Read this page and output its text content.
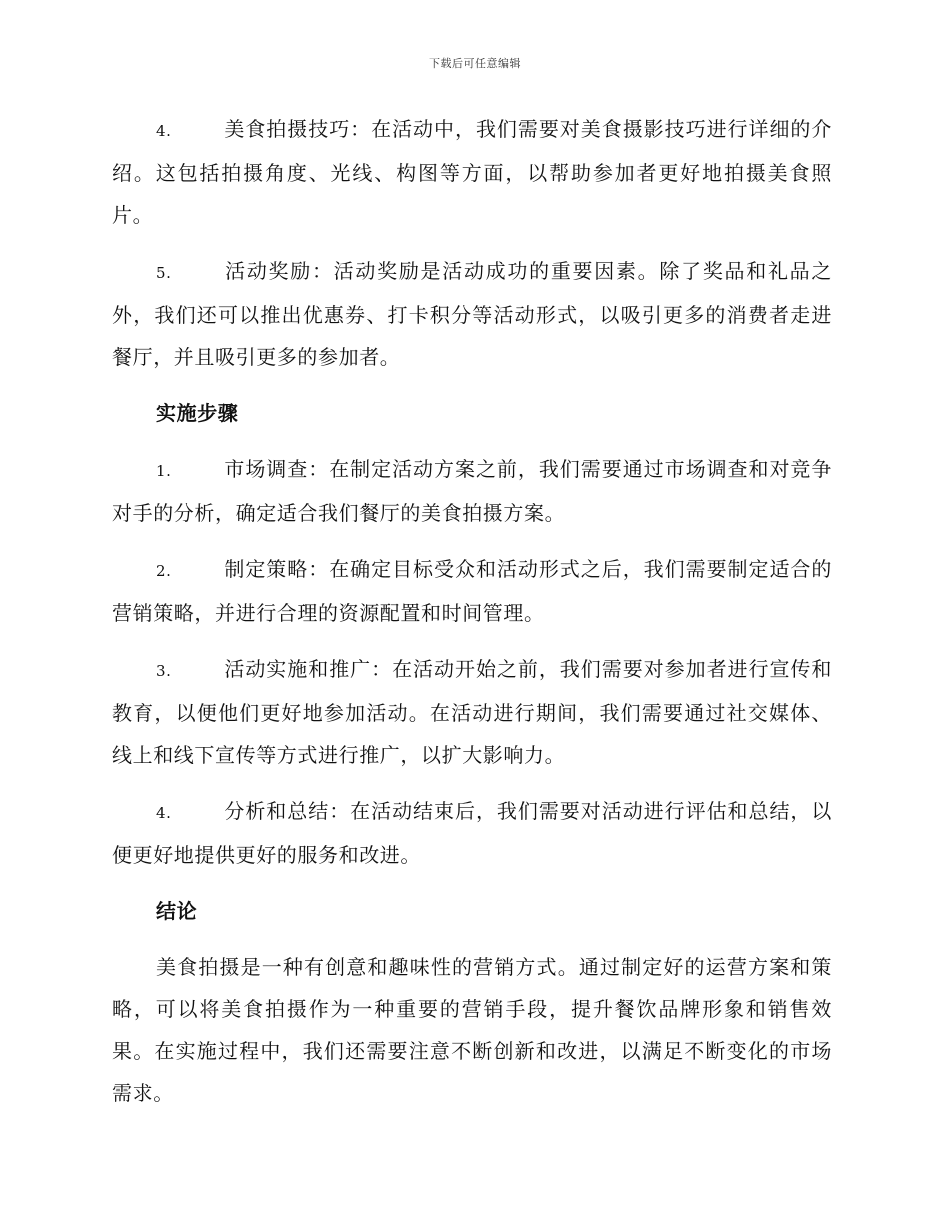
下载后可任意编辑

4.	美食拍摄技巧：在活动中，我们需要对美食摄影技巧进行详细的介绍。这包括拍摄角度、光线、构图等方面，以帮助参加者更好地拍摄美食照片。

5.	活动奖励：活动奖励是活动成功的重要因素。除了奖品和礼品之外，我们还可以推出优惠券、打卡积分等活动形式，以吸引更多的消费者走进餐厅，并且吸引更多的参加者。

实施步骤

1.	市场调查：在制定活动方案之前，我们需要通过市场调查和对竞争对手的分析，确定适合我们餐厅的美食拍摄方案。

2.	制定策略：在确定目标受众和活动形式之后，我们需要制定适合的营销策略，并进行合理的资源配置和时间管理。

3.	活动实施和推广：在活动开始之前，我们需要对参加者进行宣传和教育，以便他们更好地参加活动。在活动进行期间，我们需要通过社交媒体、线上和线下宣传等方式进行推广，以扩大影响力。

4.	分析和总结：在活动结束后，我们需要对活动进行评估和总结，以便更好地提供更好的服务和改进。

结论

美食拍摄是一种有创意和趣味性的营销方式。通过制定好的运营方案和策略，可以将美食拍摄作为一种重要的营销手段，提升餐饮品牌形象和销售效果。在实施过程中，我们还需要注意不断创新和改进，以满足不断变化的市场需求。
